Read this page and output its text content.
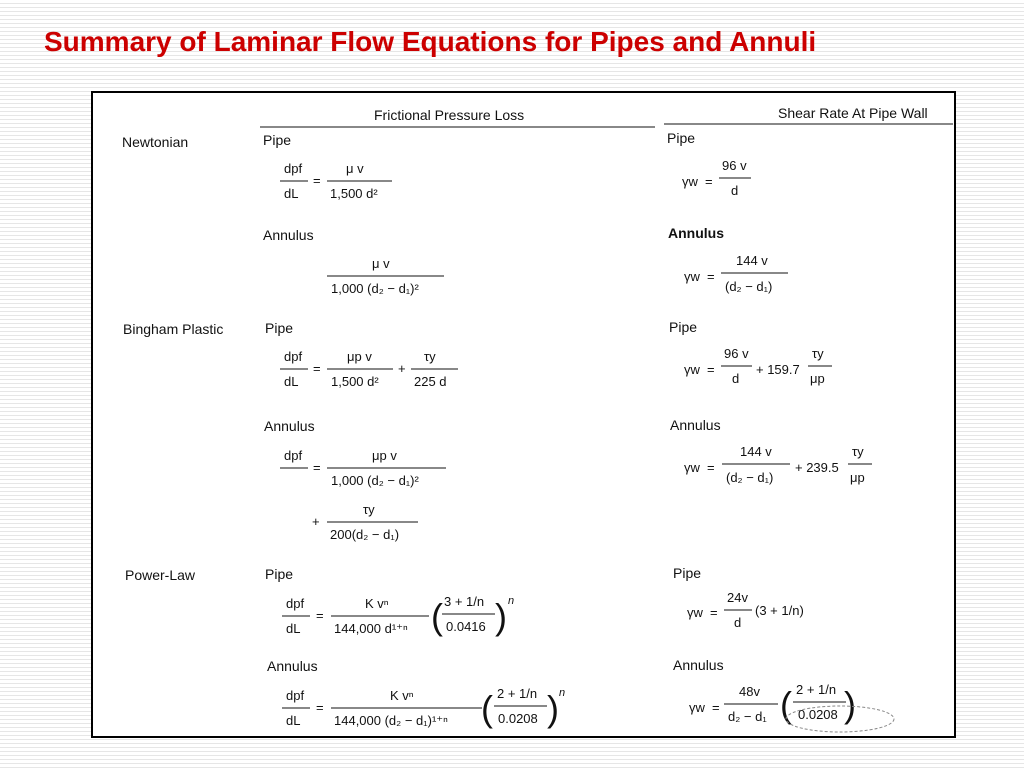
Summary of Laminar Flow Equations for Pipes and Annuli
Frictional Pressure Loss	Shear Rate At Pipe Wall
Newtonian
Bingham Plastic
Power-Law
Pipe
dpf
dL
=
μ v
1,500 d²
Annulus
μ v
1,000 (d₂ − d₁)²
Pipe
γw =
96 v
d
Annulus
γw =
144 v
(d₂ − d₁)
Pipe
dpf
dL
=
μp v
1,500 d²
+
τy
225 d
Annulus
dpf
=
μp v
1,000 (d₂ − d₁)²
+
τy
200(d₂ − d₁)
Pipe
γw =
96 v
d
+ 159.7
τy
μp
Annulus
γw =
144 v
(d₂ − d₁)
+ 239.5
τy
μp
Pipe
dpf
dL
=
K vⁿ
144,000 d¹⁺ⁿ ( 3 + 1/n
0.0416 ) n
Annulus
dpf
dL
=
K vⁿ
144,000 (d₂ − d₁)¹⁺ⁿ ( 2 + 1/n
0.0208 ) n
Pipe
γw =
24v
d
(3 + 1/n)
Annulus
γw =
48v
d₂ − d₁ ( 2 + 1/n
0.0208 )
